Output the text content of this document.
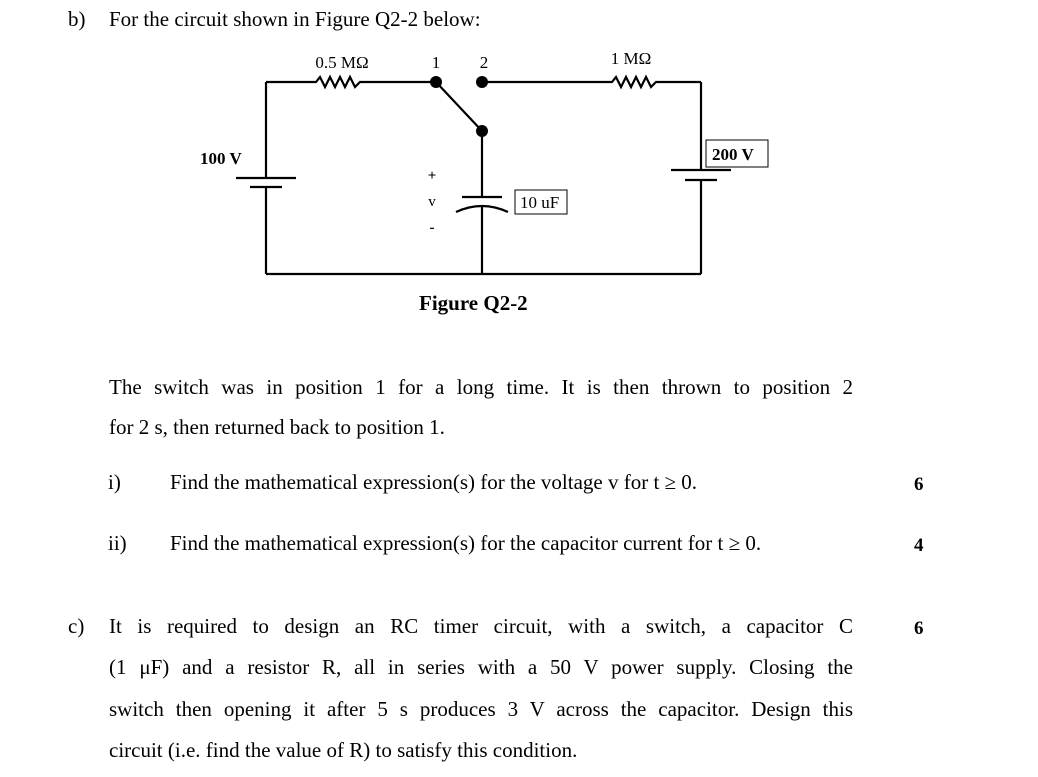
b) For the circuit shown in Figure Q2-2 below:
0.5 MΩ	1 MΩ
1 2
100 V	200 V
10 uF
+
v
-
Figure Q2-2
The switch was in position 1 for a long time. It is then thrown to position 2
for 2 s, then returned back to position 1.
i) Find the mathematical expression(s) for the voltage v for t ≥ 0.	6
ii) Find the mathematical expression(s) for the capacitor current for t ≥ 0.	4
c) It is required to design an RC timer circuit, with a switch, a capacitor C
(1 μF) and a resistor R, all in series with a 50 V power supply. Closing the
switch then opening it after 5 s produces 3 V across the capacitor. Design this
circuit (i.e. find the value of R) to satisfy this condition.
6
